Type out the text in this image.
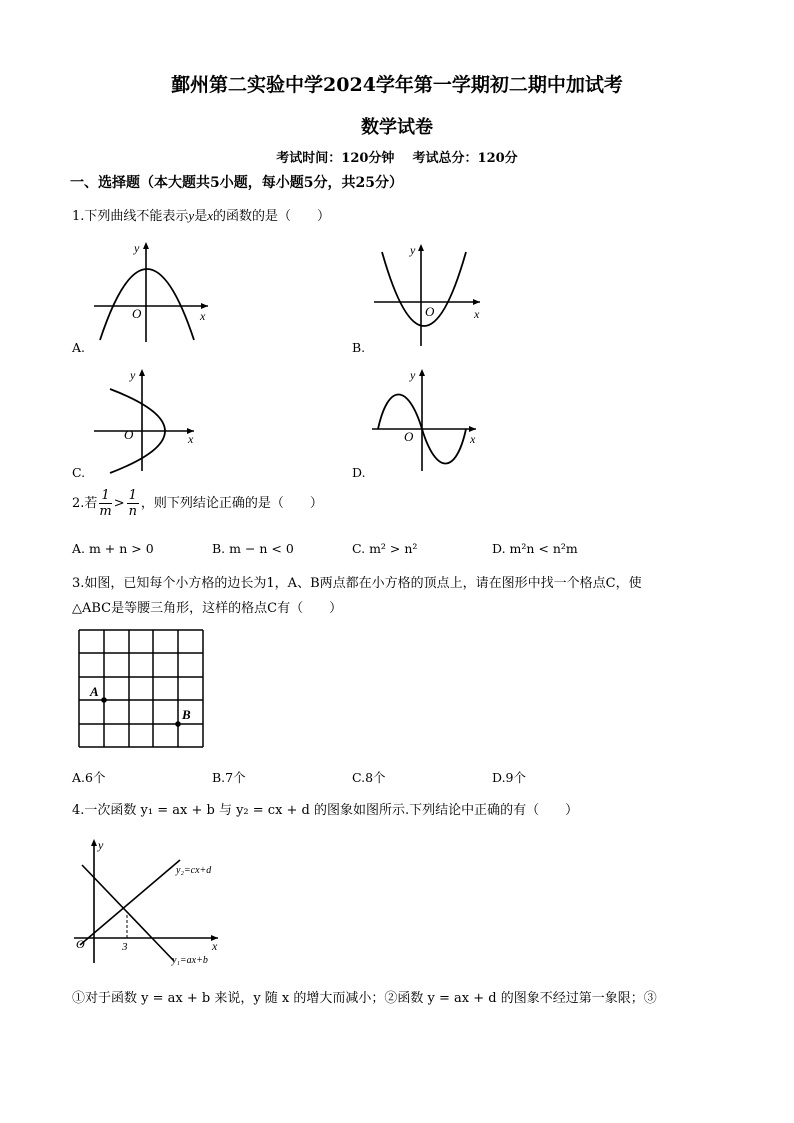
鄞州第二实验中学2024学年第一学期初二期中加试考
数学试卷
考试时间：120分钟    考试总分：120分
一、选择题（本大题共5小题，每小题5分，共25分）
1.下列曲线不能表示y是x的函数的是（　　）
O	x
y
A.
O	x
y
B.
O	x
y
C.
O	x
y
D.
2.若 $\frac{1}{m} > \frac{1}{n}$ ，则下列结论正确的是（　　）
A. m + n > 0	B. m − n < 0	C. m² > n²	D. m²n < n²m
3.如图，已知每个小方格的边长为1，A、B两点都在小方格的顶点上，请在图形中找一个格点C，使
△ABC是等腰三角形，这样的格点C有（　　）
A
B
A.6个	B.7个	C.8个	D.9个
4.一次函数 y₁ = ax + b 与 y₂ = cx + d 的图象如图所示.下列结论中正确的有（　　）
O	3	x
y
y₂=cx+d
y₁=ax+b
①对于函数 y = ax + b 来说，y 随 x 的增大而减小；②函数 y = ax + d 的图象不经过第一象限；③
